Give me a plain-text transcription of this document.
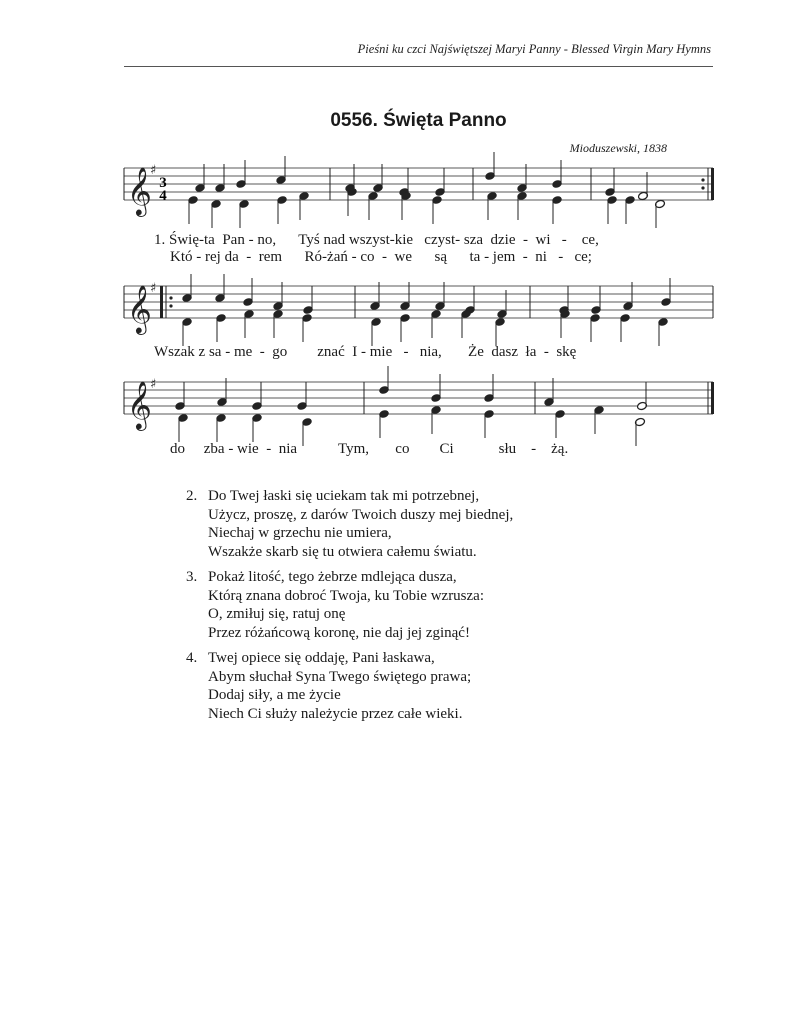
Pieśni ku czci Najświętszej Maryi Panny - Blessed Virgin Mary Hymns
0556. Święta Panno
Mioduszewski, 1838
𝄞
♯
𝄞
♯
𝄞
♯
3
4
1. Świę-ta  Pan - no,      Tyś nad wszyst-kie   czyst- sza  dzie  -  wi   -    ce,
Któ - rej da  -  rem      Ró-żań - co  -  we      są      ta - jem  -  ni   -   ce;
Wszak z sa - me  -  go        znać  I - mie   -   nia,       Że  dasz  ła  -  skę
do     zba - wie  -  nia           Tym,       co        Ci            słu    -    żą.
2. Do Twej łaski się uciekam tak mi potrzebnej,
Użycz, proszę, z darów Twoich duszy mej biednej,
Niechaj w grzechu nie umiera,
Wszakże skarb się tu otwiera całemu światu.
3. Pokaż litość, tego żebrze mdlejąca dusza,
Którą znana dobroć Twoja, ku Tobie wzrusza:
O, zmiłuj się, ratuj onę
Przez różańcową koronę, nie daj jej zginąć!
4. Twej opiece się oddaję, Pani łaskawa,
Abym słuchał Syna Twego świętego prawa;
Dodaj siły, a me życie
Niech Ci służy należycie przez całe wieki.
